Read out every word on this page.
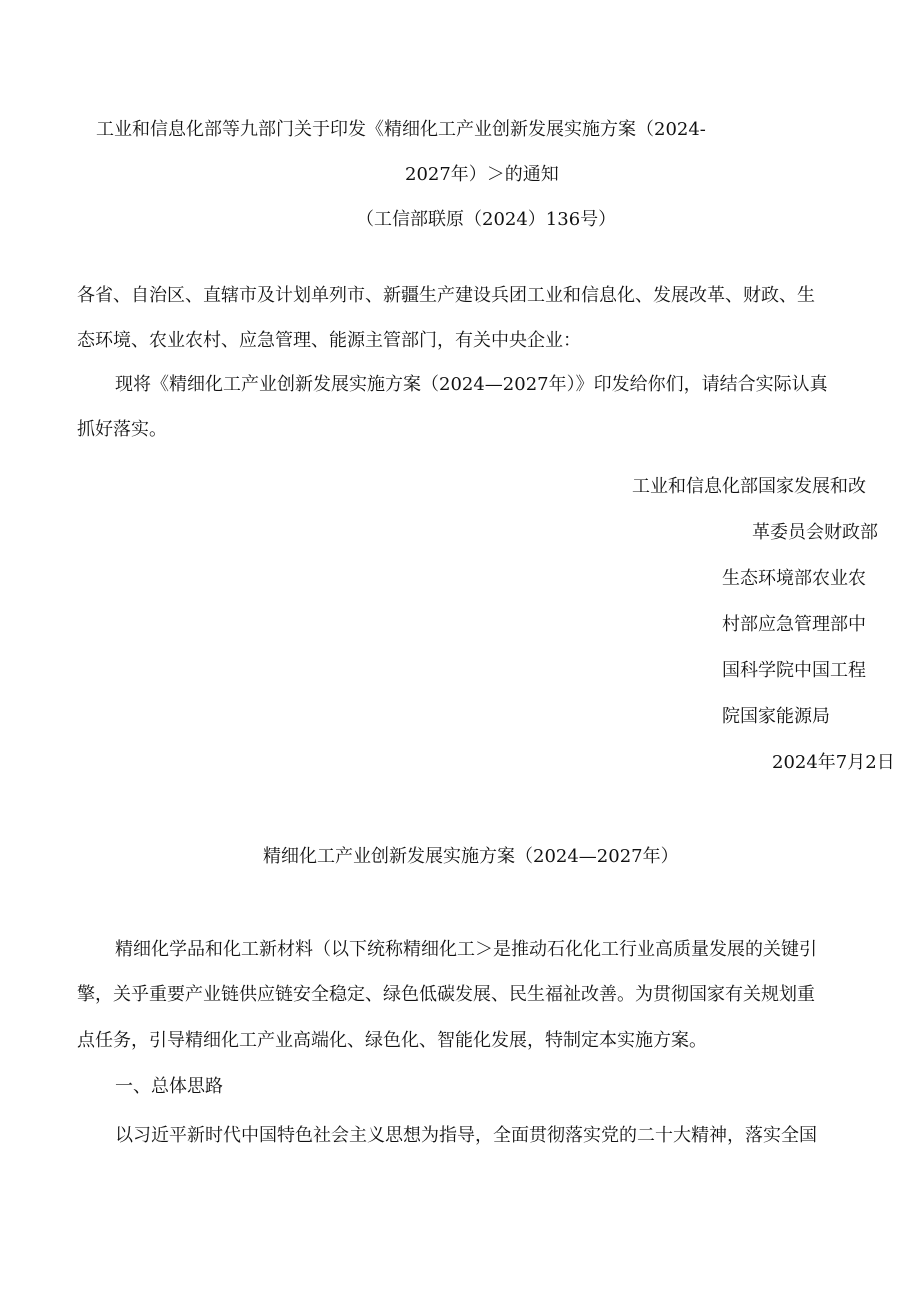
工业和信息化部等九部门关于印发《精细化工产业创新发展实施方案（2024-

2027年）＞的通知

（工信部联原（2024）136号）

各省、自治区、直辖市及计划单列市、新疆生产建设兵团工业和信息化、发展改革、财政、生

态环境、农业农村、应急管理、能源主管部门，有关中央企业：

现将《精细化工产业创新发展实施方案（2024—2027年）》印发给你们，请结合实际认真

抓好落实。

工业和信息化部国家发展和改

革委员会财政部

生态环境部农业农

村部应急管理部中

国科学院中国工程

院国家能源局

2024年7月2日

精细化工产业创新发展实施方案（2024—2027年）

精细化学品和化工新材料（以下统称精细化工＞是推动石化化工行业高质量发展的关键引

擎，关乎重要产业链供应链安全稳定、绿色低碳发展、民生福祉改善。为贯彻国家有关规划重

点任务，引导精细化工产业高端化、绿色化、智能化发展，特制定本实施方案。

一、总体思路

以习近平新时代中国特色社会主义思想为指导，全面贯彻落实党的二十大精神，落实全国
